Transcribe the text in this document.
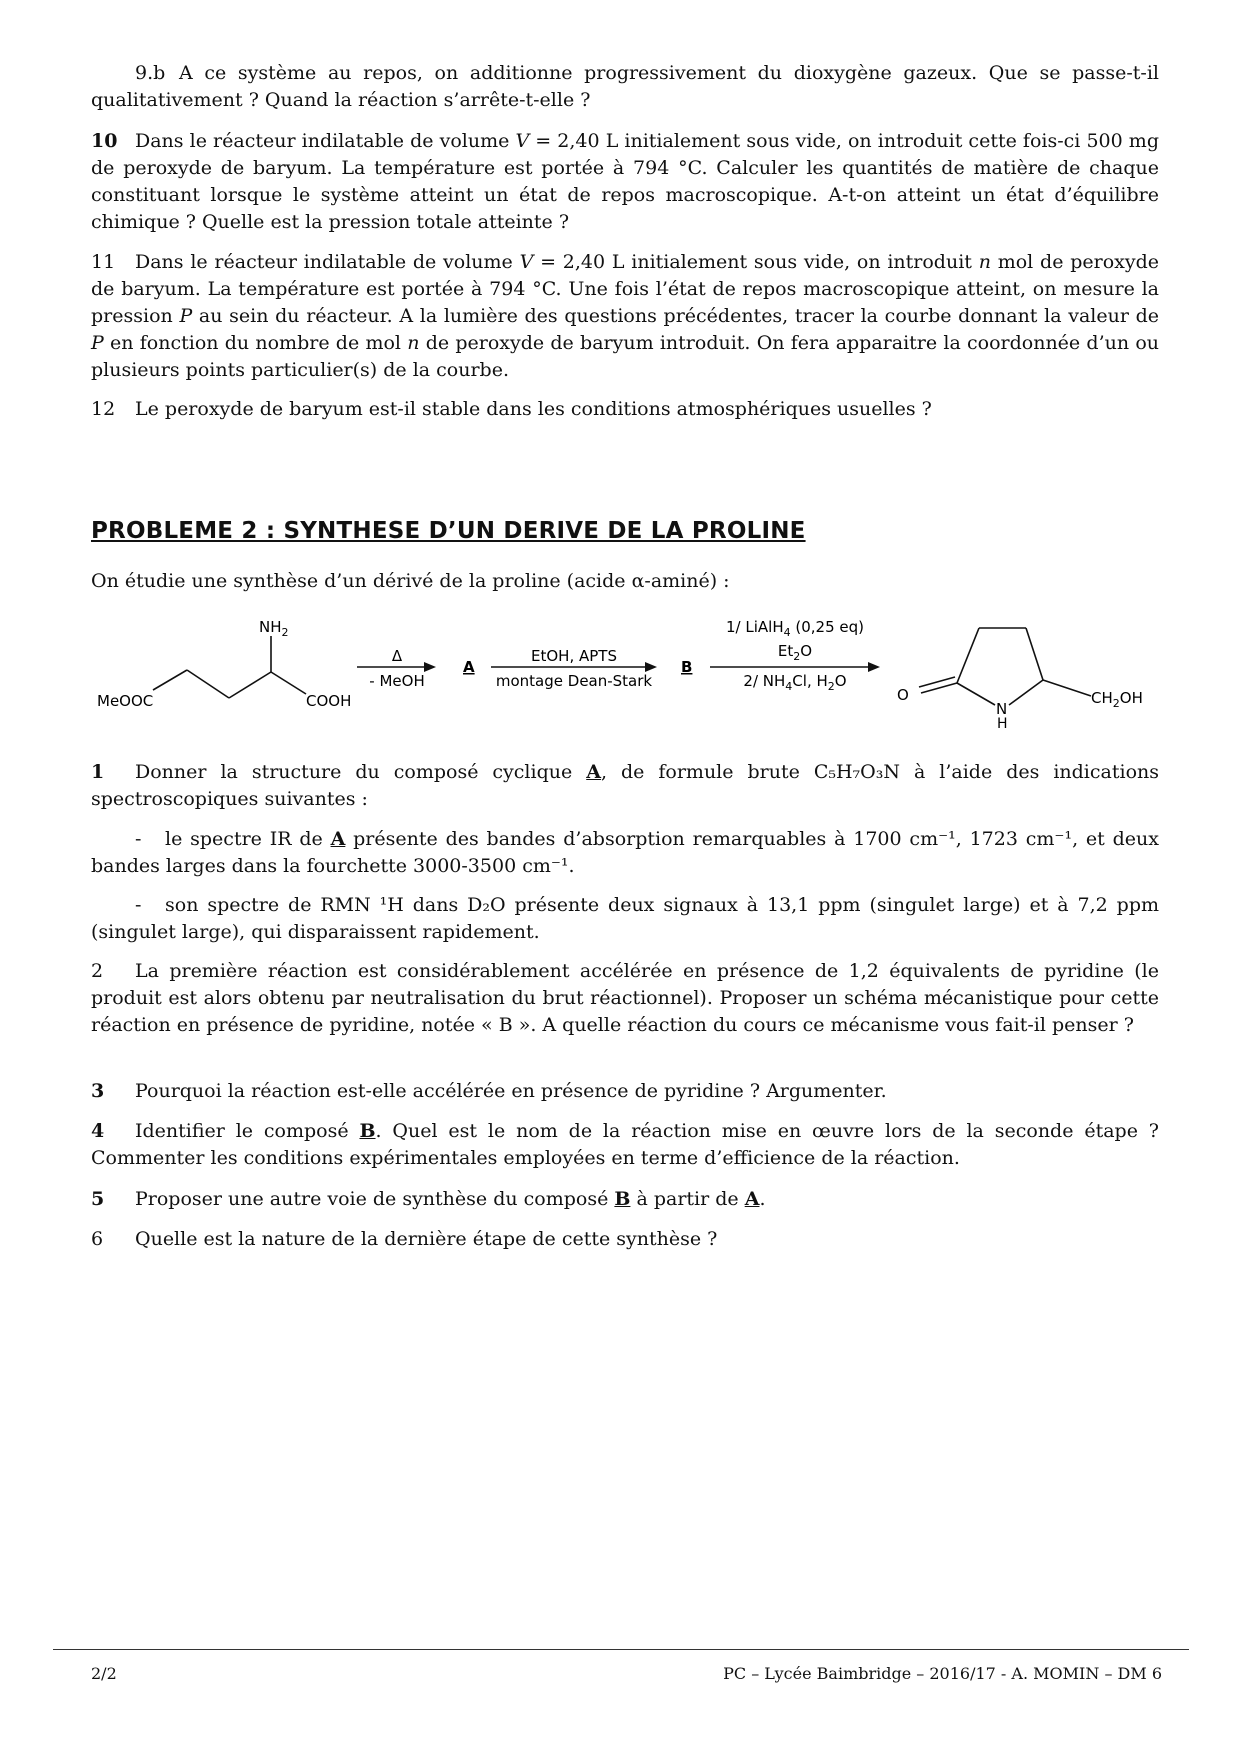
9.b A ce système au repos, on additionne progressivement du dioxygène gazeux. Que se passe-t-il qualitativement ? Quand la réaction s’arrête-t-elle ?

10 Dans le réacteur indilatable de volume V = 2,40 L initialement sous vide, on introduit cette fois-ci 500 mg de peroxyde de baryum. La température est portée à 794 °C. Calculer les quantités de matière de chaque constituant lorsque le système atteint un état de repos macroscopique. A-t-on atteint un état d’équilibre chimique ? Quelle est la pression totale atteinte ?

11 Dans le réacteur indilatable de volume V = 2,40 L initialement sous vide, on introduit n mol de peroxyde de baryum. La température est portée à 794 °C. Une fois l’état de repos macroscopique atteint, on mesure la pression P au sein du réacteur. A la lumière des questions précédentes, tracer la courbe donnant la valeur de P en fonction du nombre de mol n de peroxyde de baryum introduit. On fera apparaitre la coordonnée d’un ou plusieurs points particulier(s) de la courbe.

12 Le peroxyde de baryum est-il stable dans les conditions atmosphériques usuelles ?

PROBLEME 2 : SYNTHESE D’UN DERIVE DE LA PROLINE

On étudie une synthèse d’un dérivé de la proline (acide α-aminé) :

$NH_2$
MeOOC	COOH
Δ
- MeOH
A
EtOH, APTS
montage Dean-Stark
B
1/ LiAlH$_4$ (0,25 eq)
$Et_2O$
2/ $NH_4Cl$, $H_2O$
O
N
H
$CH_2OH$

1 Donner la structure du composé cyclique A, de formule brute C₅H₇O₃N à l’aide des indications spectroscopiques suivantes :

- le spectre IR de A présente des bandes d’absorption remarquables à 1700 cm⁻¹, 1723 cm⁻¹, et deux bandes larges dans la fourchette 3000-3500 cm⁻¹.

- son spectre de RMN ¹H dans D₂O présente deux signaux à 13,1 ppm (singulet large) et à 7,2 ppm (singulet large), qui disparaissent rapidement.

2 La première réaction est considérablement accélérée en présence de 1,2 équivalents de pyridine (le produit est alors obtenu par neutralisation du brut réactionnel). Proposer un schéma mécanistique pour cette réaction en présence de pyridine, notée « B ». A quelle réaction du cours ce mécanisme vous fait-il penser ?

3 Pourquoi la réaction est-elle accélérée en présence de pyridine ? Argumenter.

4 Identifier le composé B. Quel est le nom de la réaction mise en œuvre lors de la seconde étape ? Commenter les conditions expérimentales employées en terme d’efficience de la réaction.

5 Proposer une autre voie de synthèse du composé B à partir de A.

6 Quelle est la nature de la dernière étape de cette synthèse ?

2/2	PC – Lycée Baimbridge – 2016/17 - A. MOMIN – DM 6
